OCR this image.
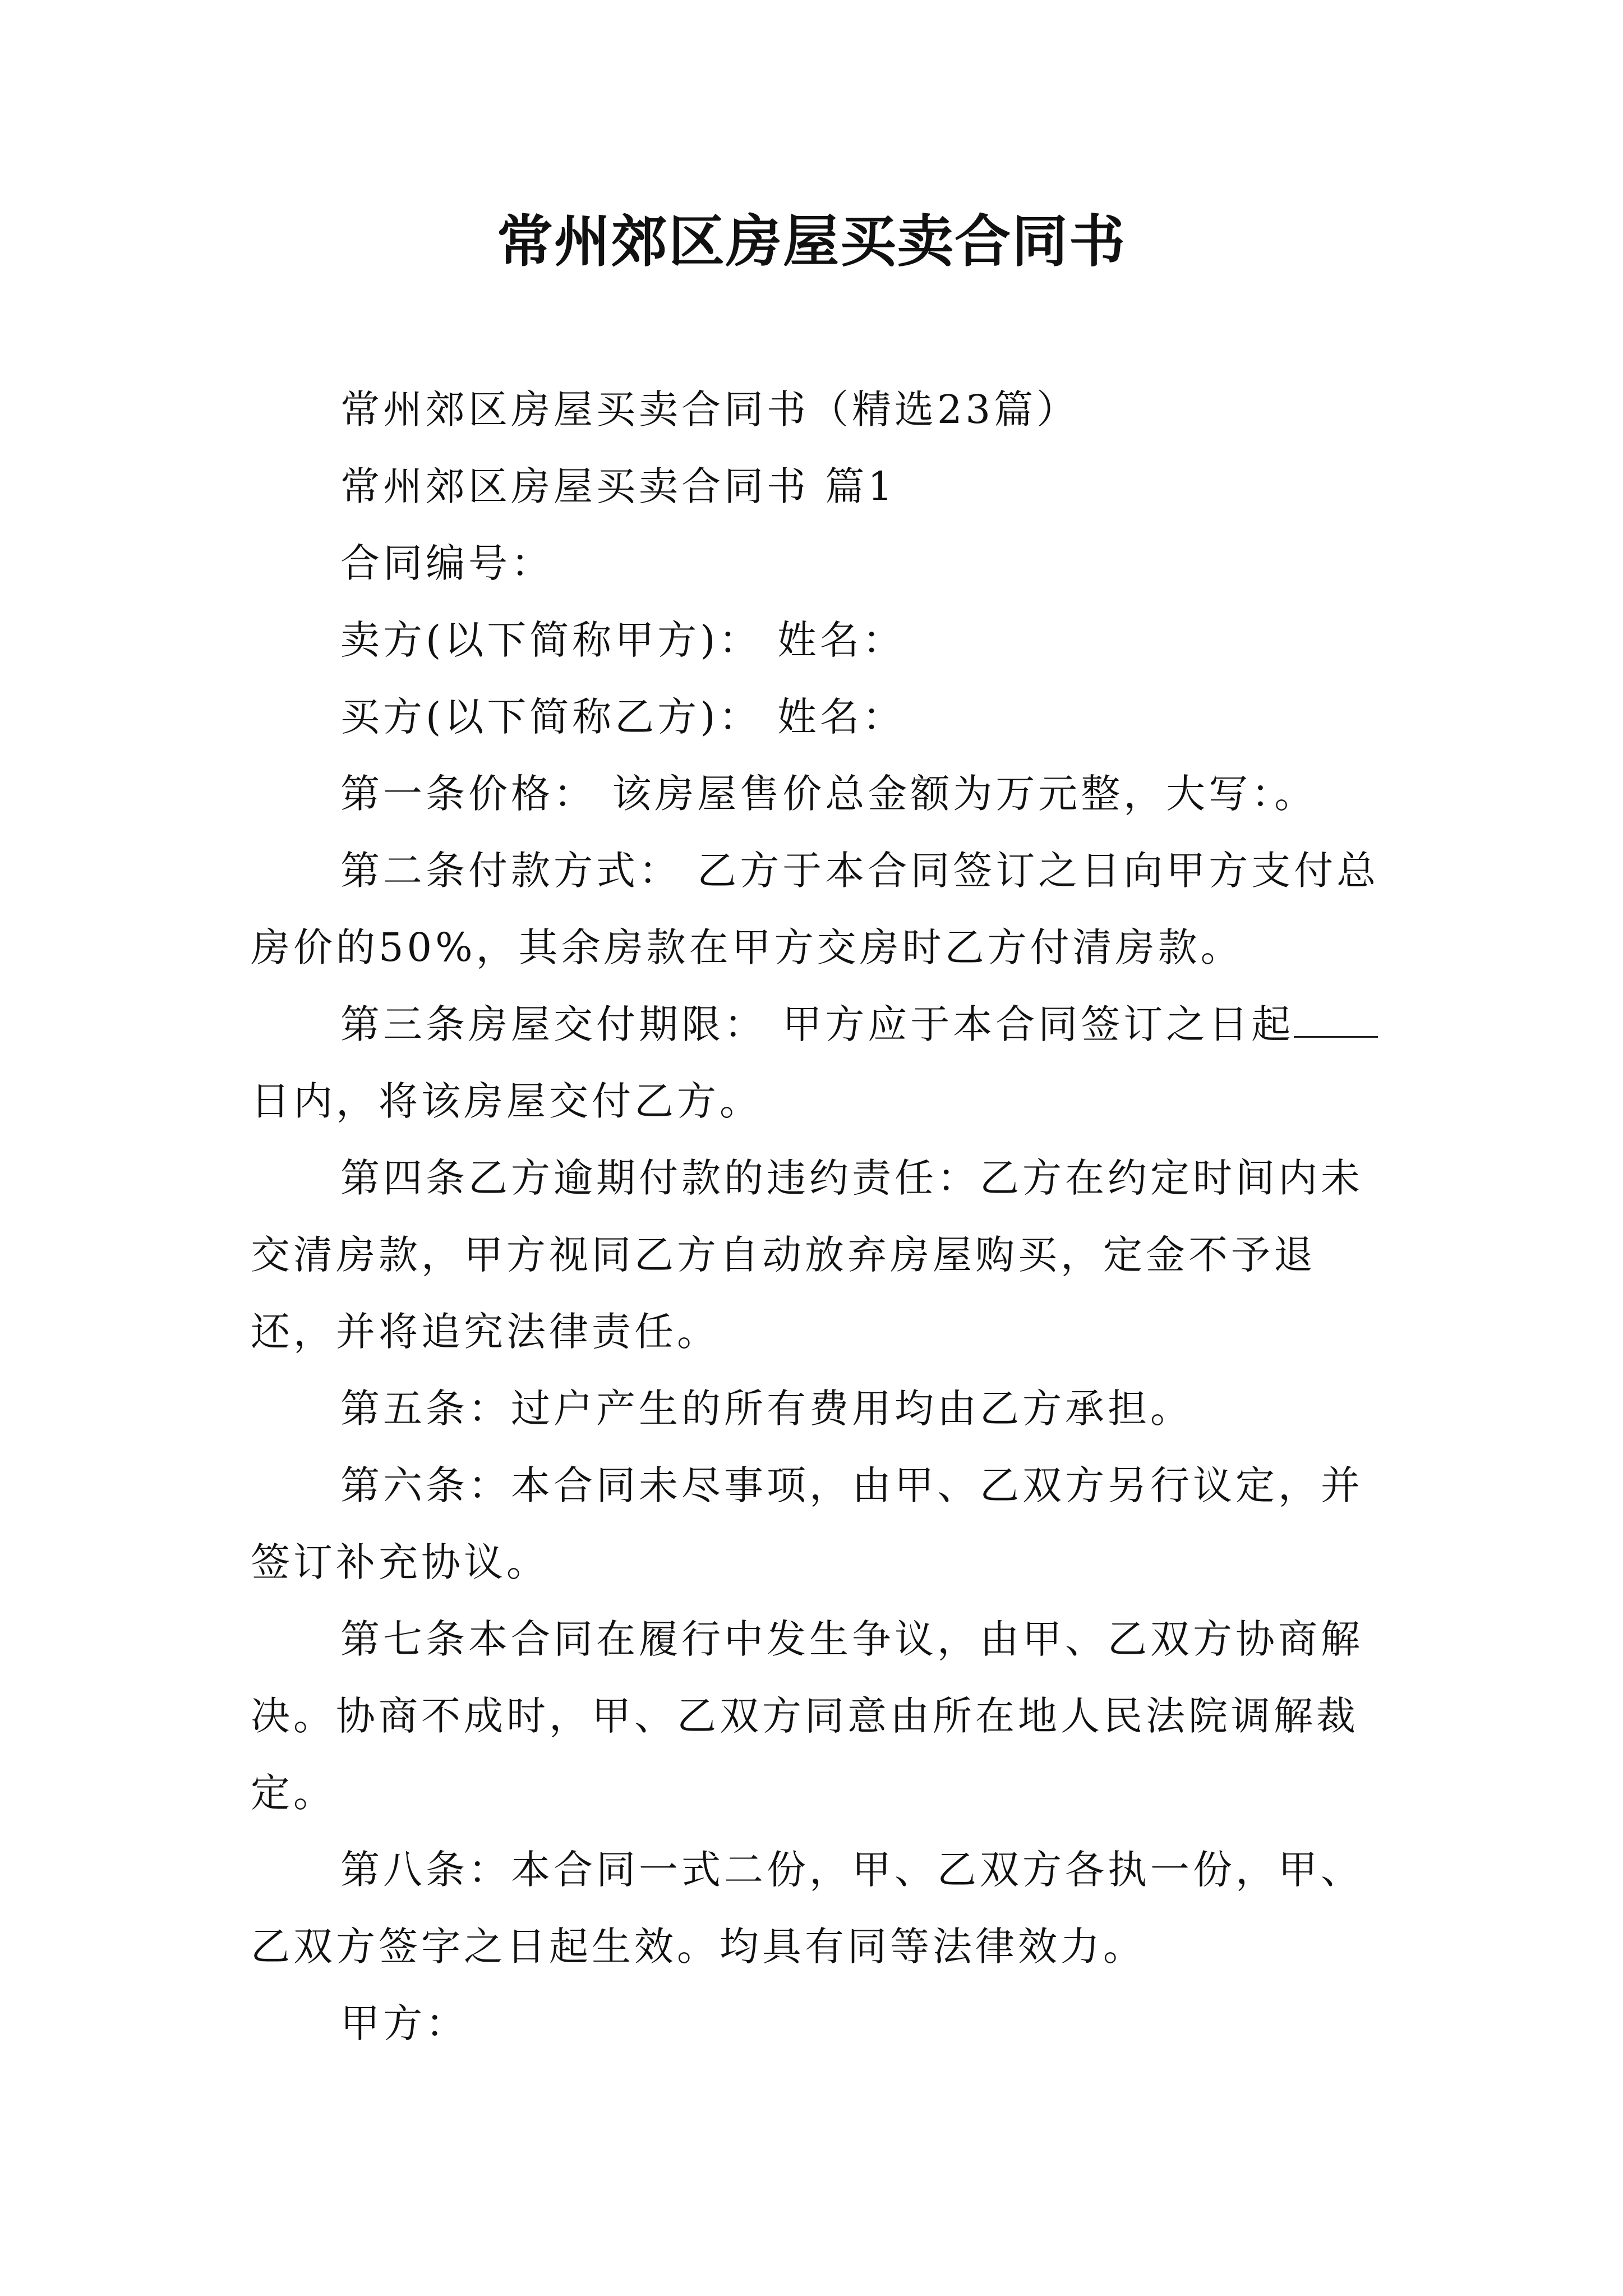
常州郊区房屋买卖合同书

常州郊区房屋买卖合同书（精选23篇）

常州郊区房屋买卖合同书 篇1

合同编号：

卖方(以下简称甲方)： 姓名：

买方(以下简称乙方)： 姓名：

第一条价格： 该房屋售价总金额为万元整，大写：。

第二条付款方式： 乙方于本合同签订之日向甲方支付总房价的50%，其余房款在甲方交房时乙方付清房款。

第三条房屋交付期限： 甲方应于本合同签订之日起日内，将该房屋交付乙方。

第四条乙方逾期付款的违约责任：乙方在约定时间内未交清房款，甲方视同乙方自动放弃房屋购买，定金不予退还，并将追究法律责任。

第五条：过户产生的所有费用均由乙方承担。

第六条：本合同未尽事项，由甲、乙双方另行议定，并签订补充协议。

第七条本合同在履行中发生争议，由甲、乙双方协商解决。协商不成时，甲、乙双方同意由所在地人民法院调解裁定。

第八条：本合同一式二份，甲、乙双方各执一份，甲、乙双方签字之日起生效。均具有同等法律效力。

甲方：
